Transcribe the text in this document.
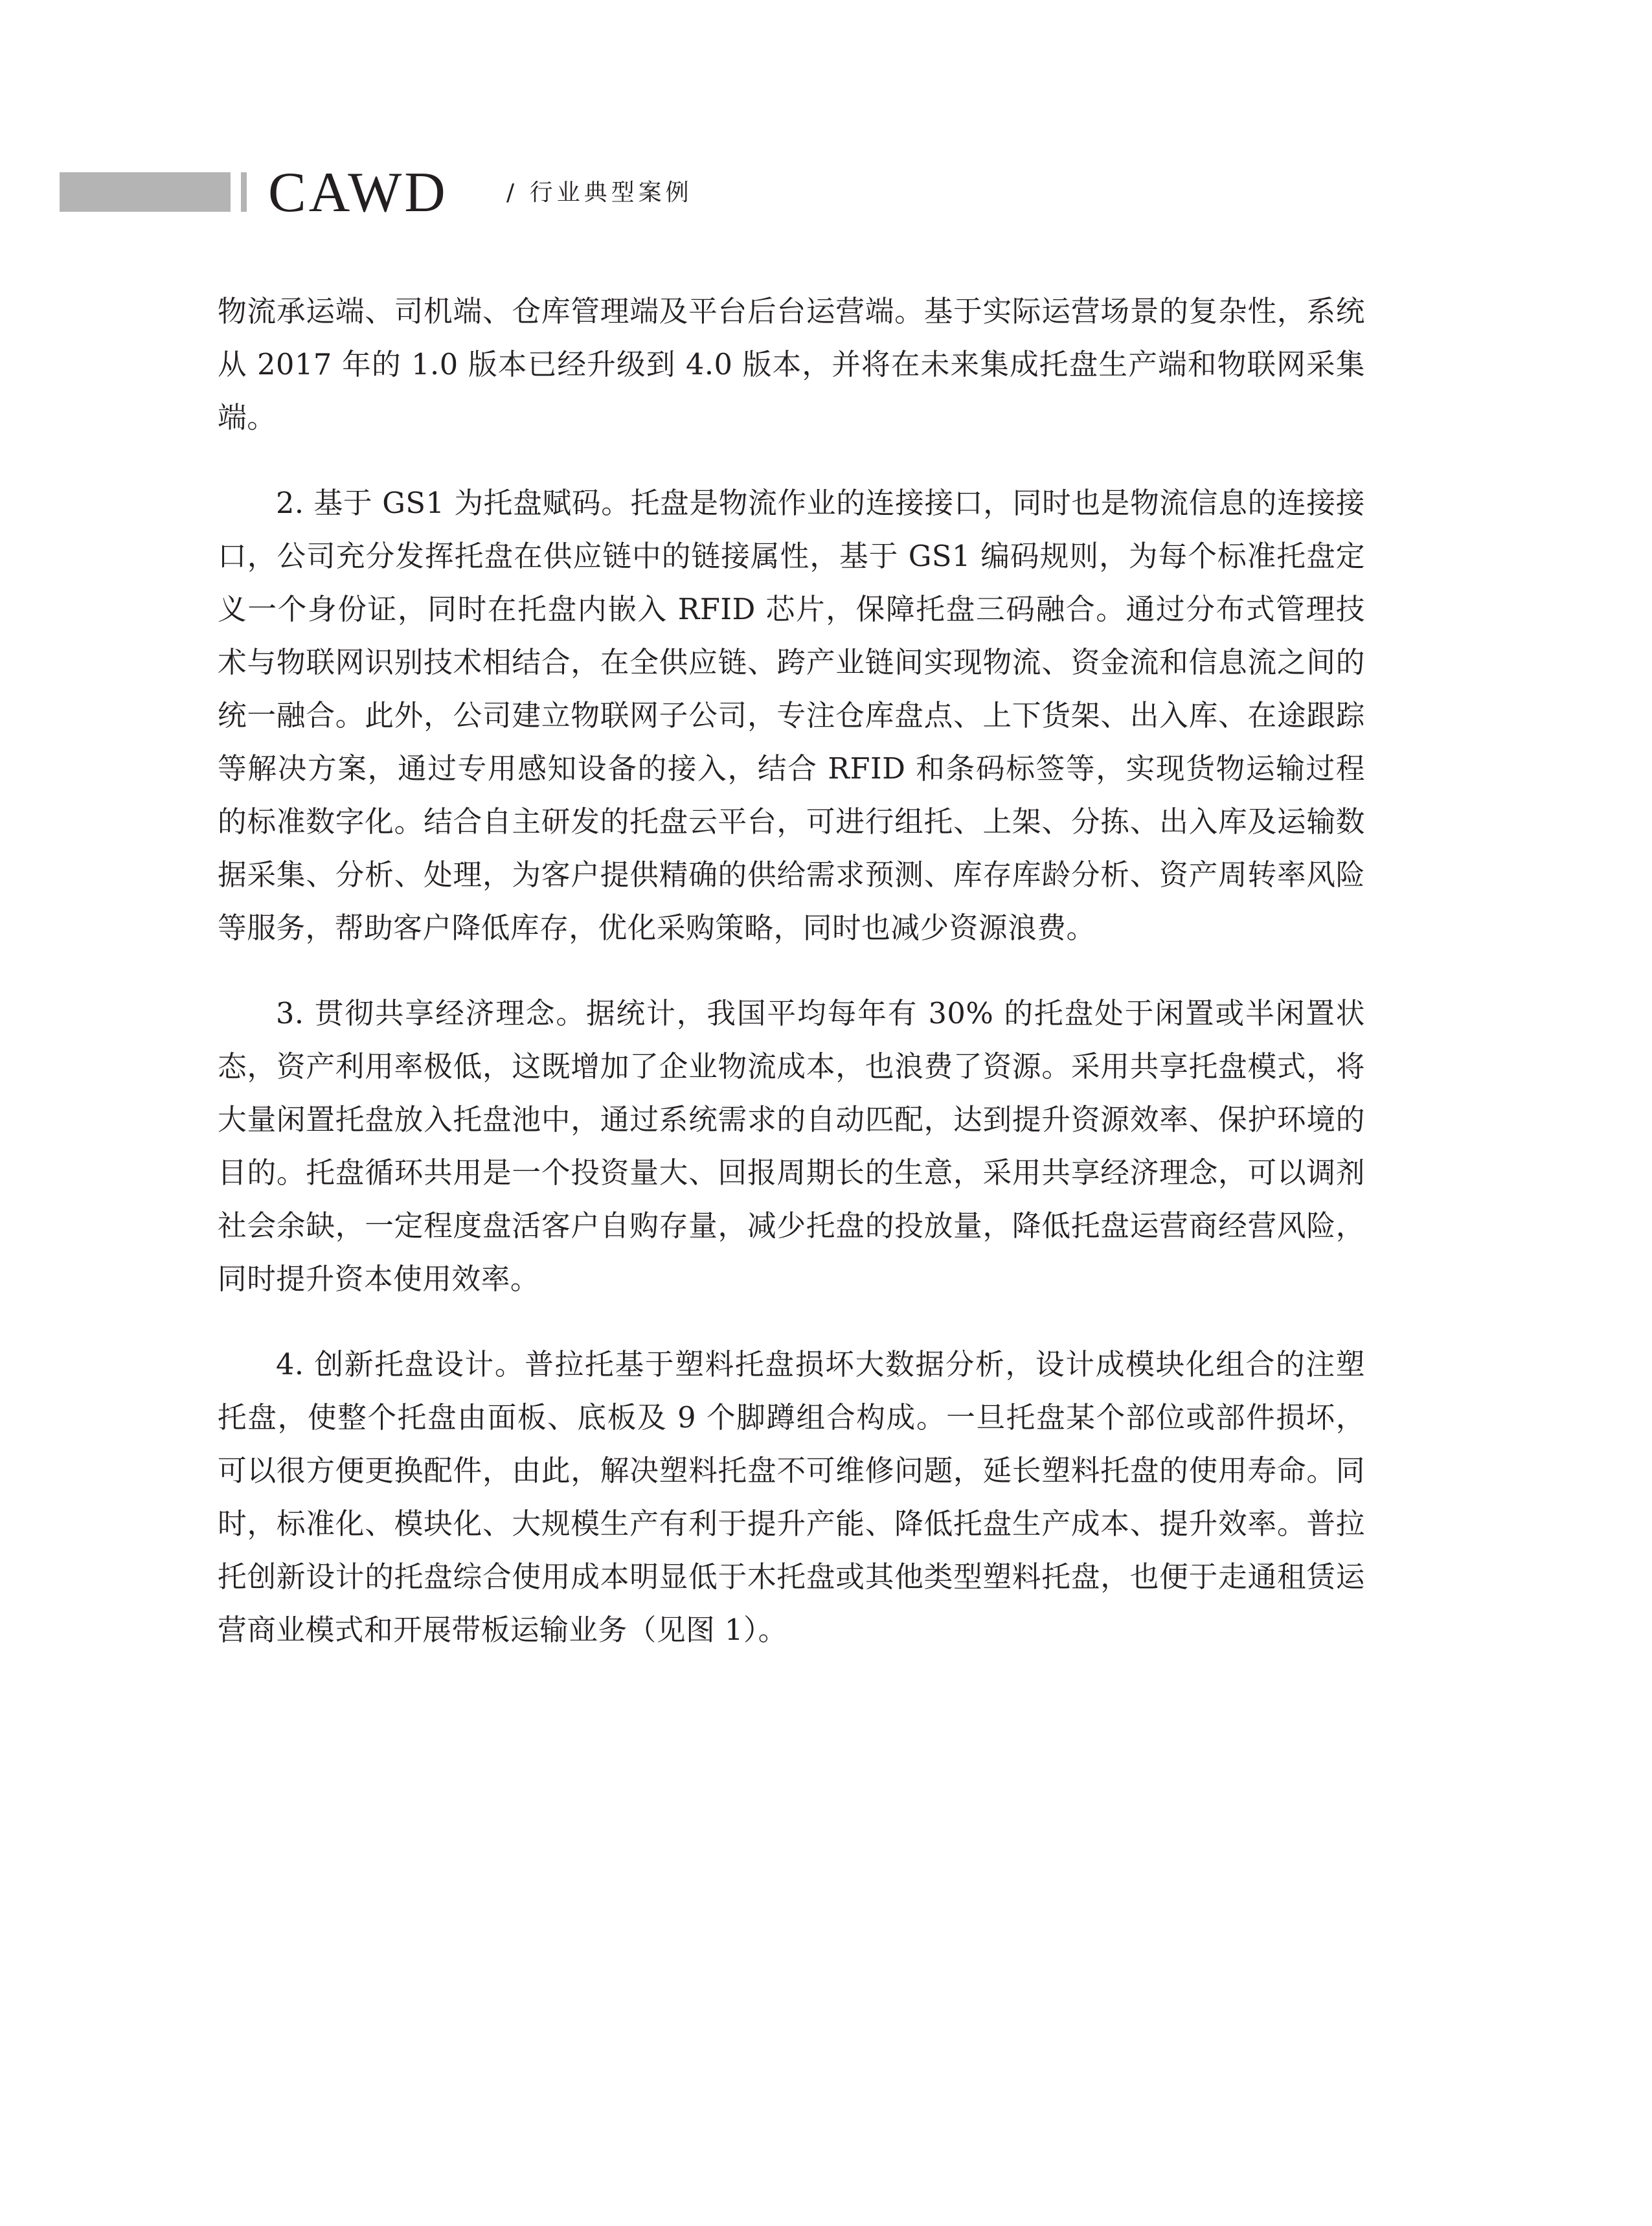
CAWD	/ 行业典型案例

物流承运端、司机端、仓库管理端及平台后台运营端。基于实际运营场景的复杂性，系统从 2017 年的 1.0 版本已经升级到 4.0 版本，并将在未来集成托盘生产端和物联网采集端。

2. 基于 GS1 为托盘赋码。托盘是物流作业的连接接口，同时也是物流信息的连接接口，公司充分发挥托盘在供应链中的链接属性，基于 GS1 编码规则，为每个标准托盘定义一个身份证，同时在托盘内嵌入 RFID 芯片，保障托盘三码融合。通过分布式管理技术与物联网识别技术相结合，在全供应链、跨产业链间实现物流、资金流和信息流之间的统一融合。此外，公司建立物联网子公司，专注仓库盘点、上下货架、出入库、在途跟踪等解决方案，通过专用感知设备的接入，结合 RFID 和条码标签等，实现货物运输过程的标准数字化。结合自主研发的托盘云平台，可进行组托、上架、分拣、出入库及运输数据采集、分析、处理，为客户提供精确的供给需求预测、库存库龄分析、资产周转率风险等服务，帮助客户降低库存，优化采购策略，同时也减少资源浪费。

3. 贯彻共享经济理念。据统计，我国平均每年有 30% 的托盘处于闲置或半闲置状态，资产利用率极低，这既增加了企业物流成本，也浪费了资源。采用共享托盘模式，将大量闲置托盘放入托盘池中，通过系统需求的自动匹配，达到提升资源效率、保护环境的目的。托盘循环共用是一个投资量大、回报周期长的生意，采用共享经济理念，可以调剂社会余缺，一定程度盘活客户自购存量，减少托盘的投放量，降低托盘运营商经营风险，同时提升资本使用效率。

4. 创新托盘设计。普拉托基于塑料托盘损坏大数据分析，设计成模块化组合的注塑托盘，使整个托盘由面板、底板及 9 个脚蹲组合构成。一旦托盘某个部位或部件损坏，可以很方便更换配件，由此，解决塑料托盘不可维修问题，延长塑料托盘的使用寿命。同时，标准化、模块化、大规模生产有利于提升产能、降低托盘生产成本、提升效率。普拉托创新设计的托盘综合使用成本明显低于木托盘或其他类型塑料托盘，也便于走通租赁运营商业模式和开展带板运输业务（见图 1）。
